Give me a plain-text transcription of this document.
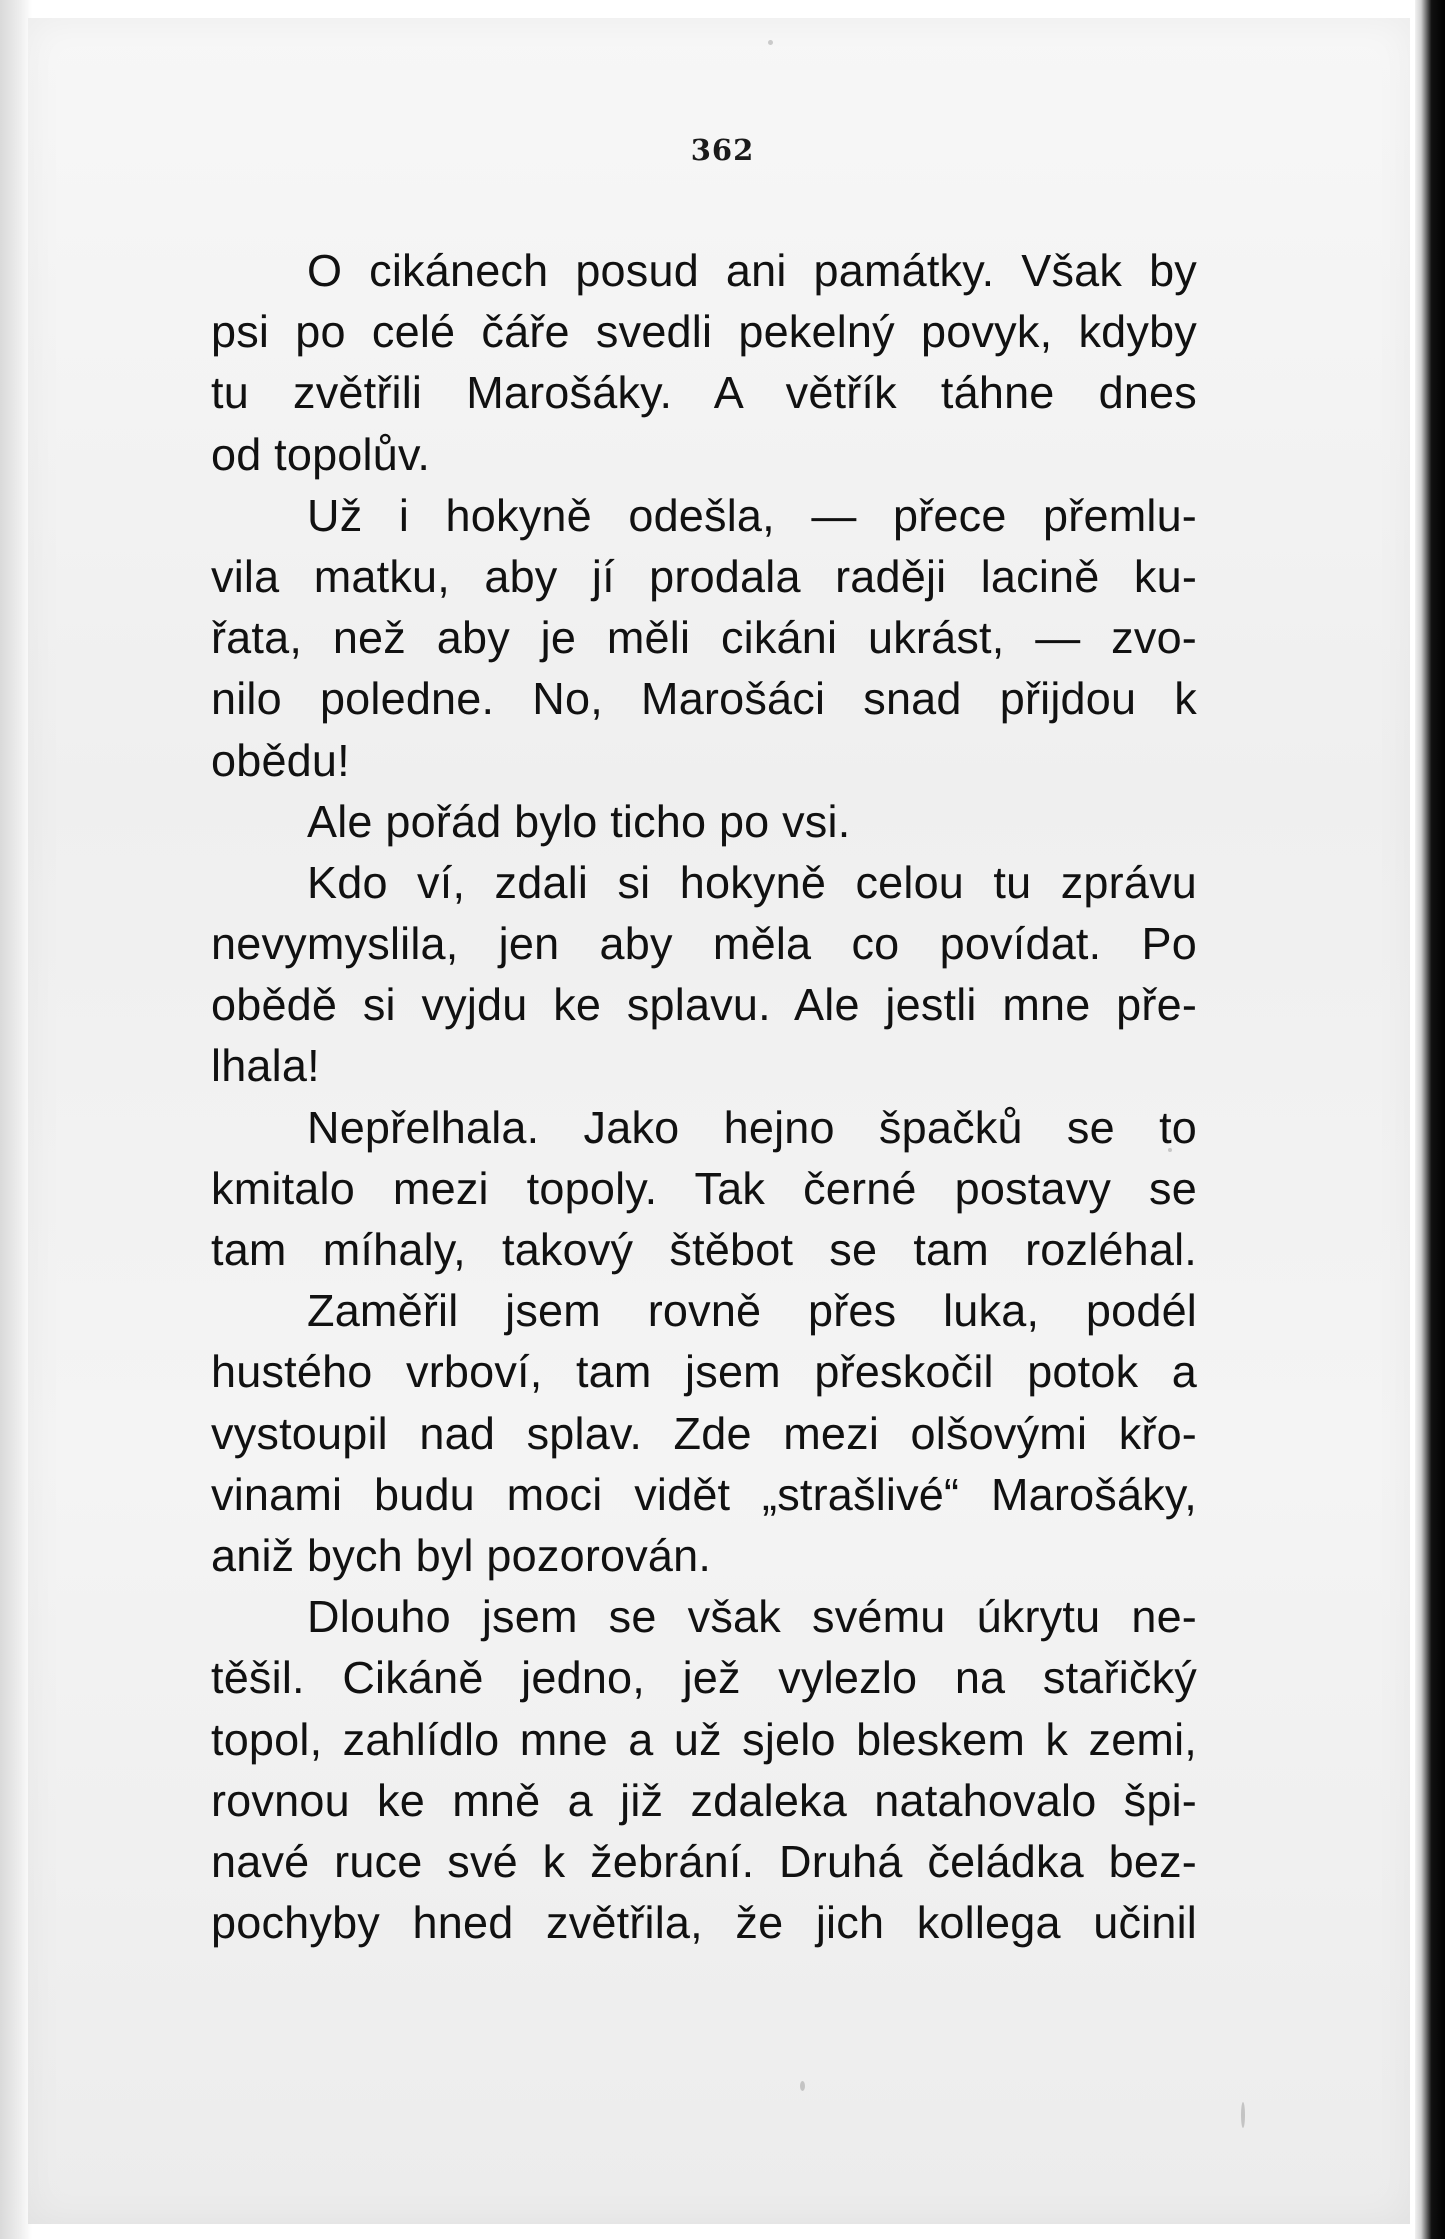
362
O cikánech posud ani památky. Však by
psi po celé čáře svedli pekelný povyk, kdyby
tu zvětřili Marošáky. A větřík táhne dnes
od topolův.
Už i hokyně odešla, — přece přemlu-
vila matku, aby jí prodala raději lacině ku-
řata, než aby je měli cikáni ukrást, — zvo-
nilo poledne. No, Marošáci snad přijdou k
obědu!
Ale pořád bylo ticho po vsi.
Kdo ví, zdali si hokyně celou tu zprávu
nevymyslila, jen aby měla co povídat. Po
obědě si vyjdu ke splavu. Ale jestli mne pře-
lhala!
Nepřelhala. Jako hejno špačků se to
kmitalo mezi topoly. Tak černé postavy se
tam míhaly, takový štěbot se tam rozléhal.
Zaměřil jsem rovně přes luka, podél
hustého vrboví, tam jsem přeskočil potok a
vystoupil nad splav. Zde mezi olšovými křo-
vinami budu moci vidět „strašlivé“ Marošáky,
aniž bych byl pozorován.
Dlouho jsem se však svému úkrytu ne-
těšil. Cikáně jedno, jež vylezlo na stařičký
topol, zahlídlo mne a už sjelo bleskem k zemi,
rovnou ke mně a již zdaleka natahovalo špi-
navé ruce své k žebrání. Druhá čeládka bez-
pochyby hned zvětřila, že jich kollega učinil
